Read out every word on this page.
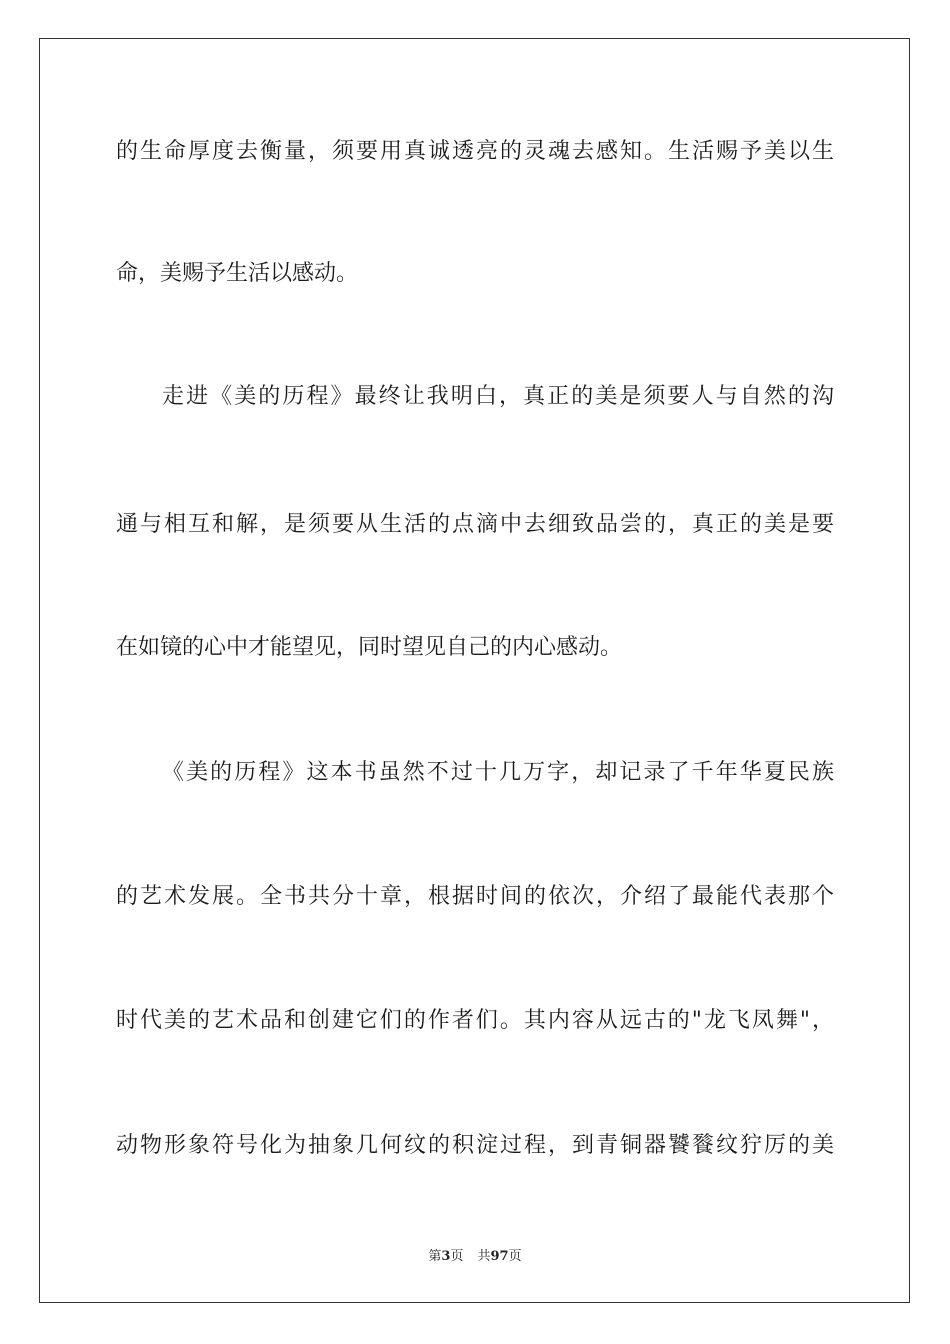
的生命厚度去衡量，须要用真诚透亮的灵魂去感知。生活赐予美以生
命，美赐予生活以感动。
走进《美的历程》最终让我明白，真正的美是须要人与自然的沟
通与相互和解，是须要从生活的点滴中去细致品尝的，真正的美是要
在如镜的心中才能望见，同时望见自己的内心感动。
《美的历程》这本书虽然不过十几万字，却记录了千年华夏民族
的艺术发展。全书共分十章，根据时间的依次，介绍了最能代表那个
时代美的艺术品和创建它们的作者们。其内容从远古的"龙飞凤舞"，
动物形象符号化为抽象几何纹的积淀过程，到青铜器饕餮纹狞厉的美
第3页 共97页
